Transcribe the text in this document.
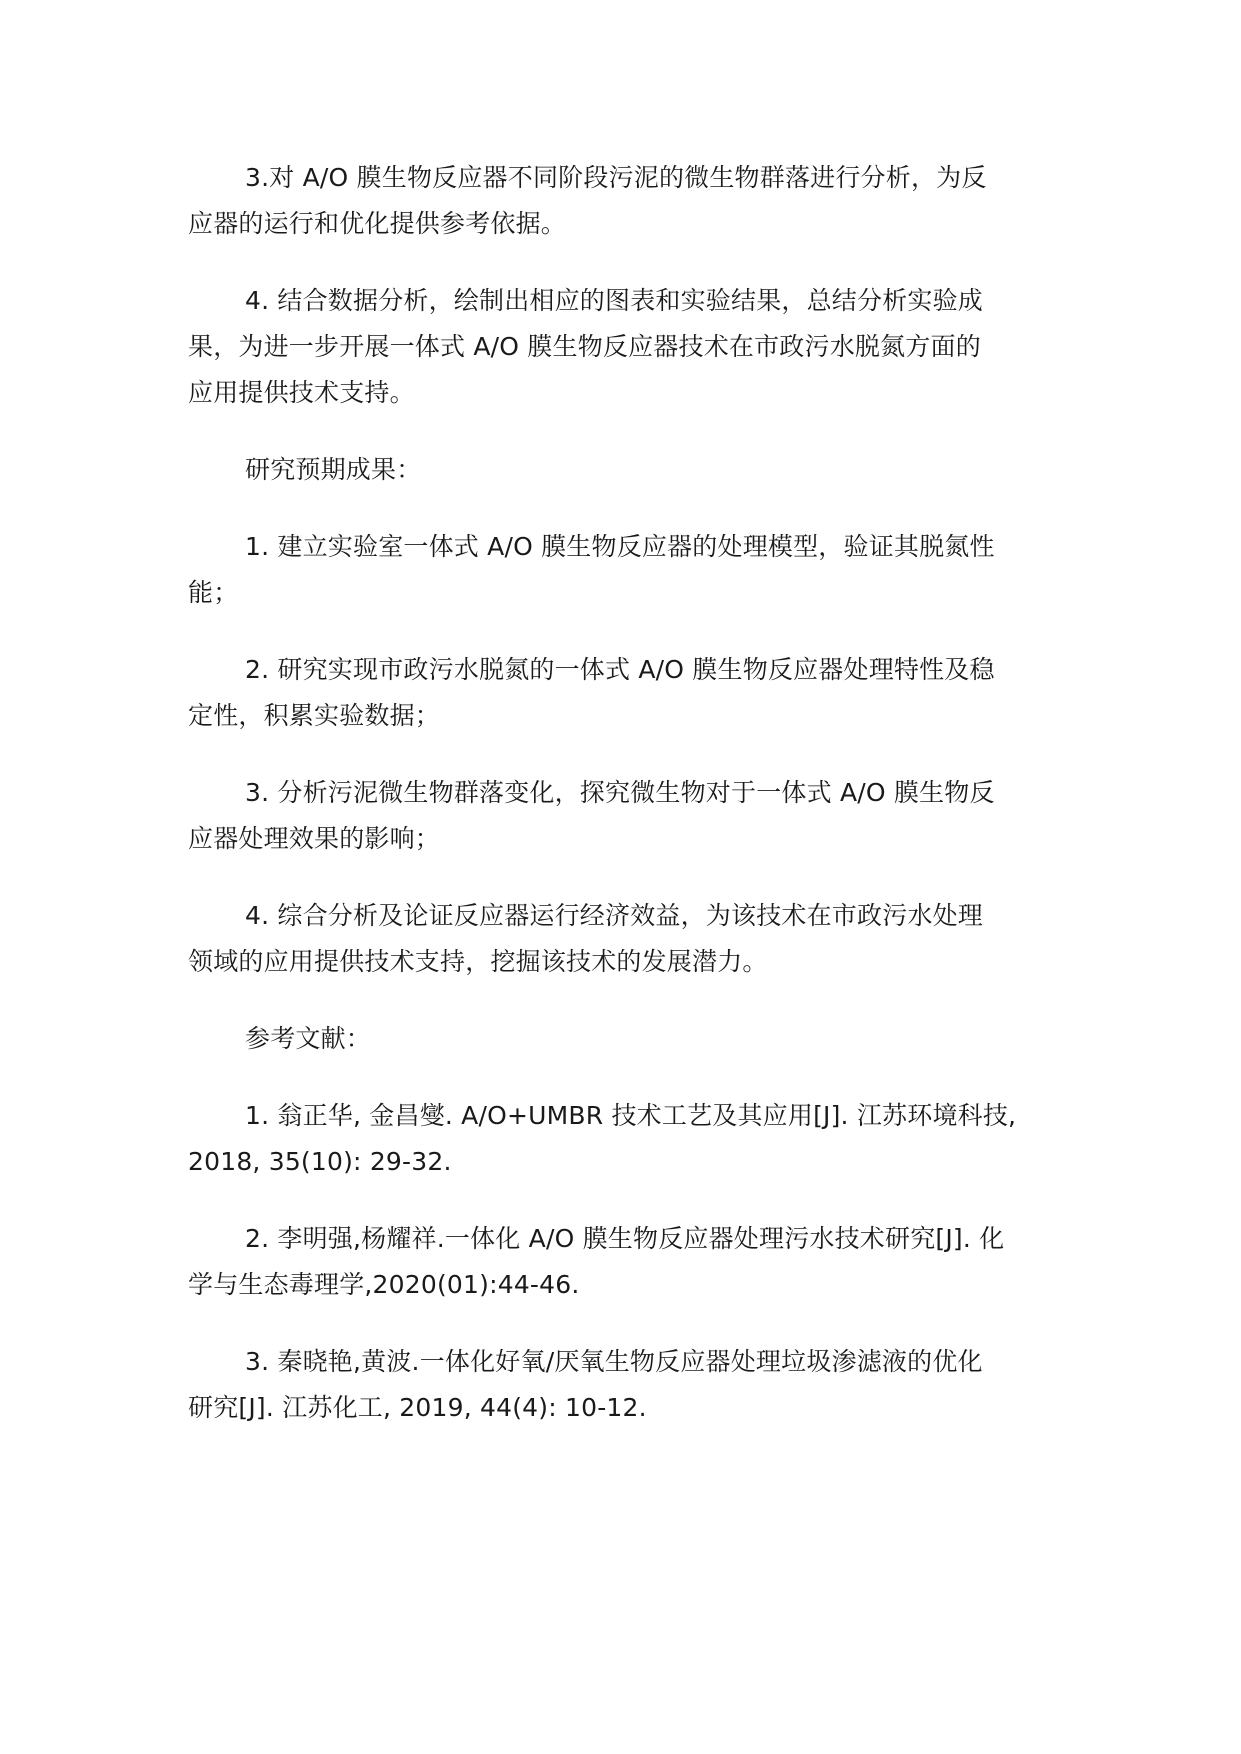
3.对 A/O 膜生物反应器不同阶段污泥的微生物群落进行分析，为反
应器的运行和优化提供参考依据。

4. 结合数据分析，绘制出相应的图表和实验结果，总结分析实验成
果，为进一步开展一体式 A/O 膜生物反应器技术在市政污水脱氮方面的
应用提供技术支持。

研究预期成果：

1. 建立实验室一体式 A/O 膜生物反应器的处理模型，验证其脱氮性
能；

2. 研究实现市政污水脱氮的一体式 A/O 膜生物反应器处理特性及稳
定性，积累实验数据；

3. 分析污泥微生物群落变化，探究微生物对于一体式 A/O 膜生物反
应器处理效果的影响；

4. 综合分析及论证反应器运行经济效益，为该技术在市政污水处理
领域的应用提供技术支持，挖掘该技术的发展潜力。

参考文献：

1. 翁正华, 金昌燮. A/O+UMBR 技术工艺及其应用[J]. 江苏环境科技,
2018, 35(10): 29-32.

2. 李明强,杨耀祥.一体化 A/O 膜生物反应器处理污水技术研究[J]. 化
学与生态毒理学,2020(01):44-46.

3. 秦晓艳,黄波.一体化好氧/厌氧生物反应器处理垃圾渗滤液的优化
研究[J]. 江苏化工, 2019, 44(4): 10-12.
